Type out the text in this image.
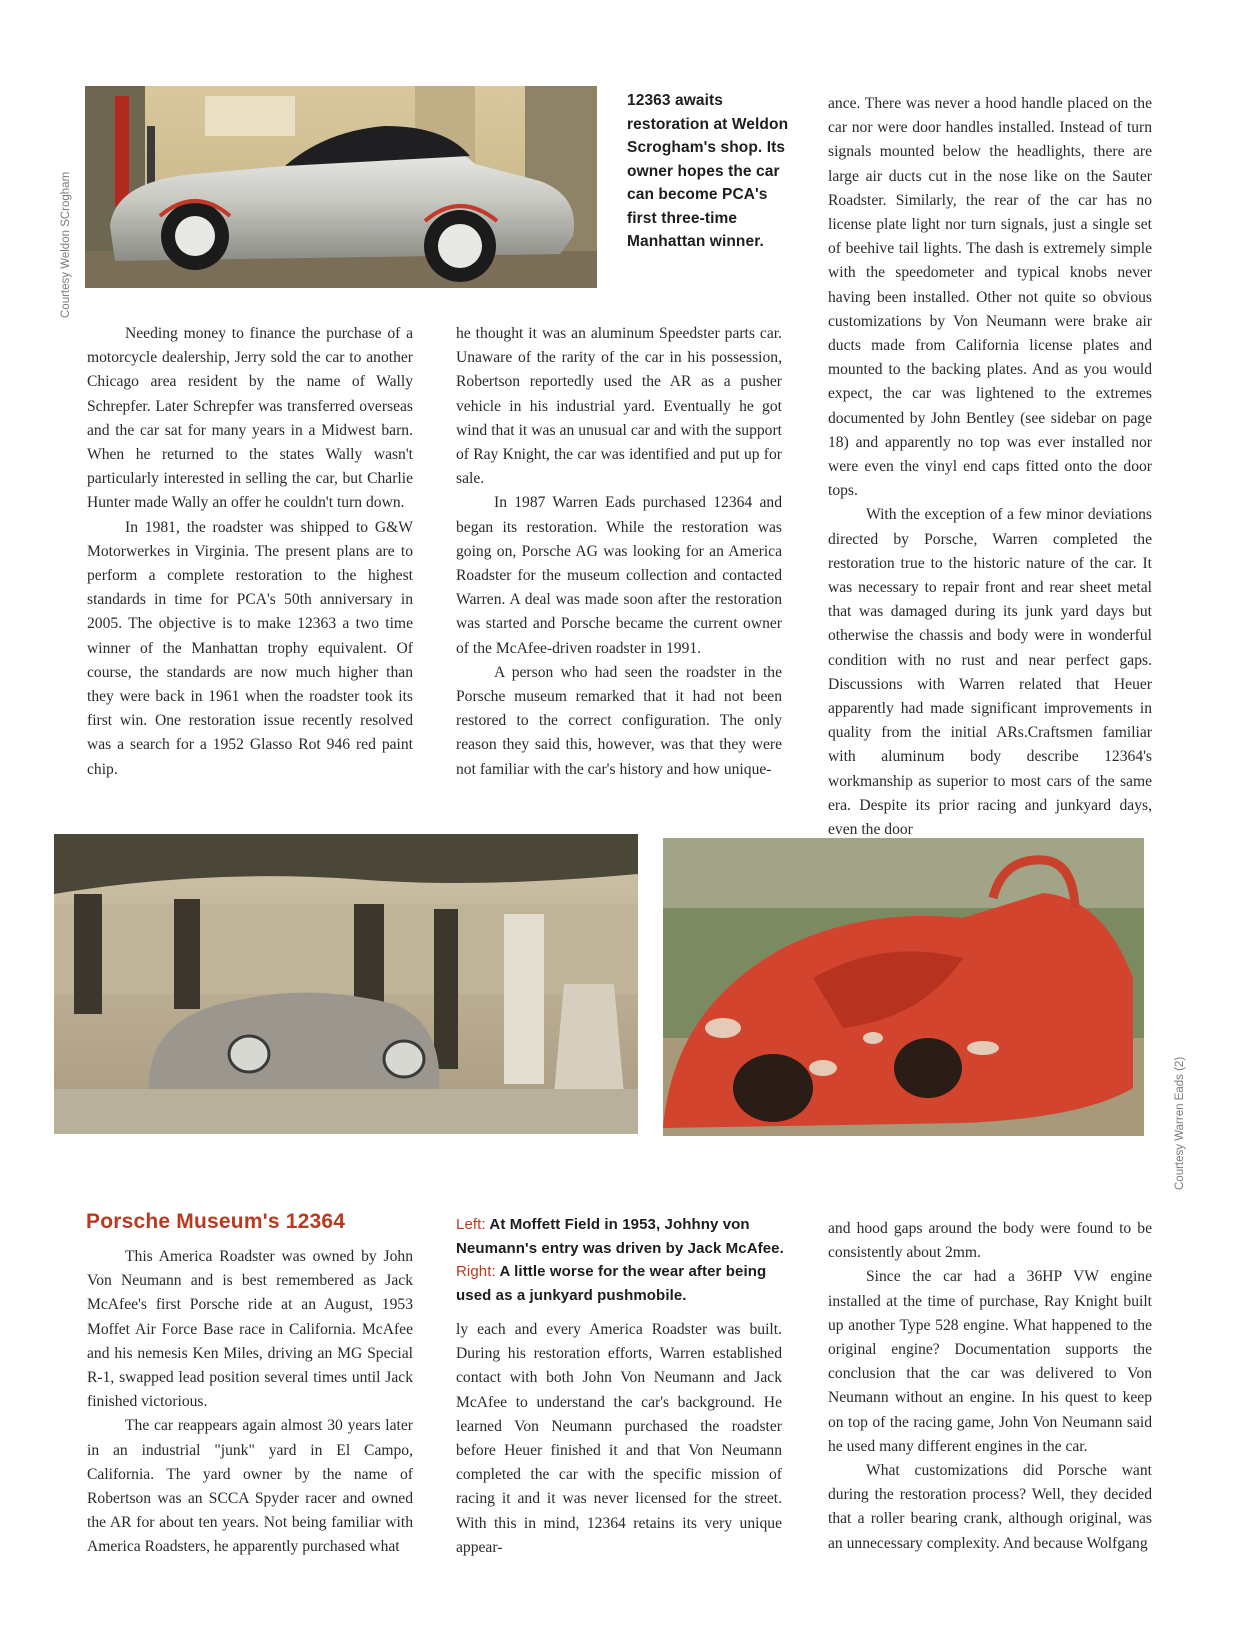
Courtesy Weldon SCrogham
12363 awaits restoration at Weldon Scrogham's shop. Its owner hopes the car can become PCA's first three-time Manhattan winner.

Needing money to finance the purchase of a motorcycle dealership, Jerry sold the car to another Chicago area resident by the name of Wally Schrepfer. Later Schrepfer was transferred overseas and the car sat for many years in a Midwest barn. When he returned to the states Wally wasn't particularly interested in selling the car, but Charlie Hunter made Wally an offer he couldn't turn down.

In 1981, the roadster was shipped to G&W Motorwerkes in Virginia. The present plans are to perform a complete restoration to the highest standards in time for PCA's 50th anniversary in 2005. The objective is to make 12363 a two time winner of the Manhattan trophy equivalent. Of course, the standards are now much higher than they were back in 1961 when the roadster took its first win. One restoration issue recently resolved was a search for a 1952 Glasso Rot 946 red paint chip.

he thought it was an aluminum Speedster parts car. Unaware of the rarity of the car in his possession, Robertson reportedly used the AR as a pusher vehicle in his industrial yard. Eventually he got wind that it was an unusual car and with the support of Ray Knight, the car was identified and put up for sale.

In 1987 Warren Eads purchased 12364 and began its restoration. While the restoration was going on, Porsche AG was looking for an America Roadster for the museum collection and contacted Warren. A deal was made soon after the restoration was started and Porsche became the current owner of the McAfee-driven roadster in 1991.

A person who had seen the roadster in the Porsche museum remarked that it had not been restored to the correct configuration. The only reason they said this, however, was that they were not familiar with the car's history and how unique-

ance. There was never a hood handle placed on the car nor were door handles installed. Instead of turn signals mounted below the headlights, there are large air ducts cut in the nose like on the Sauter Roadster. Similarly, the rear of the car has no license plate light nor turn signals, just a single set of beehive tail lights. The dash is extremely simple with the speedometer and typical knobs never having been installed. Other not quite so obvious customizations by Von Neumann were brake air ducts made from California license plates and mounted to the backing plates. And as you would expect, the car was lightened to the extremes documented by John Bentley (see sidebar on page 18) and apparently no top was ever installed nor were even the vinyl end caps fitted onto the door tops.

With the exception of a few minor deviations directed by Porsche, Warren completed the restoration true to the historic nature of the car. It was necessary to repair front and rear sheet metal that was damaged during its junk yard days but otherwise the chassis and body were in wonderful condition with no rust and near perfect gaps. Discussions with Warren related that Heuer apparently had made significant improvements in quality from the initial ARs.Craftsmen familiar with aluminum body describe 12364's workmanship as superior to most cars of the same era. Despite its prior racing and junkyard days, even the door

Courtesy Warren Eads (2)
Porsche Museum's 12364

This America Roadster was owned by John Von Neumann and is best remembered as Jack McAfee's first Porsche ride at an August, 1953 Moffet Air Force Base race in California. McAfee and his nemesis Ken Miles, driving an MG Special R-1, swapped lead position several times until Jack finished victorious.

The car reappears again almost 30 years later in an industrial "junk" yard in El Campo, California. The yard owner by the name of Robertson was an SCCA Spyder racer and owned the AR for about ten years. Not being familiar with America Roadsters, he apparently purchased what

Left: At Moffett Field in 1953, Johhny von Neumann's entry was driven by Jack McAfee. Right: A little worse for the wear after being used as a junkyard pushmobile.

ly each and every America Roadster was built. During his restoration efforts, Warren established contact with both John Von Neumann and Jack McAfee to understand the car's background. He learned Von Neumann purchased the roadster before Heuer finished it and that Von Neumann completed the car with the specific mission of racing it and it was never licensed for the street. With this in mind, 12364 retains its very unique appear-

and hood gaps around the body were found to be consistently about 2mm.

Since the car had a 36HP VW engine installed at the time of purchase, Ray Knight built up another Type 528 engine. What happened to the original engine? Documentation supports the conclusion that the car was delivered to Von Neumann without an engine. In his quest to keep on top of the racing game, John Von Neumann said he used many different engines in the car.

What customizations did Porsche want during the restoration process? Well, they decided that a roller bearing crank, although original, was an unnecessary complexity. And because Wolfgang
